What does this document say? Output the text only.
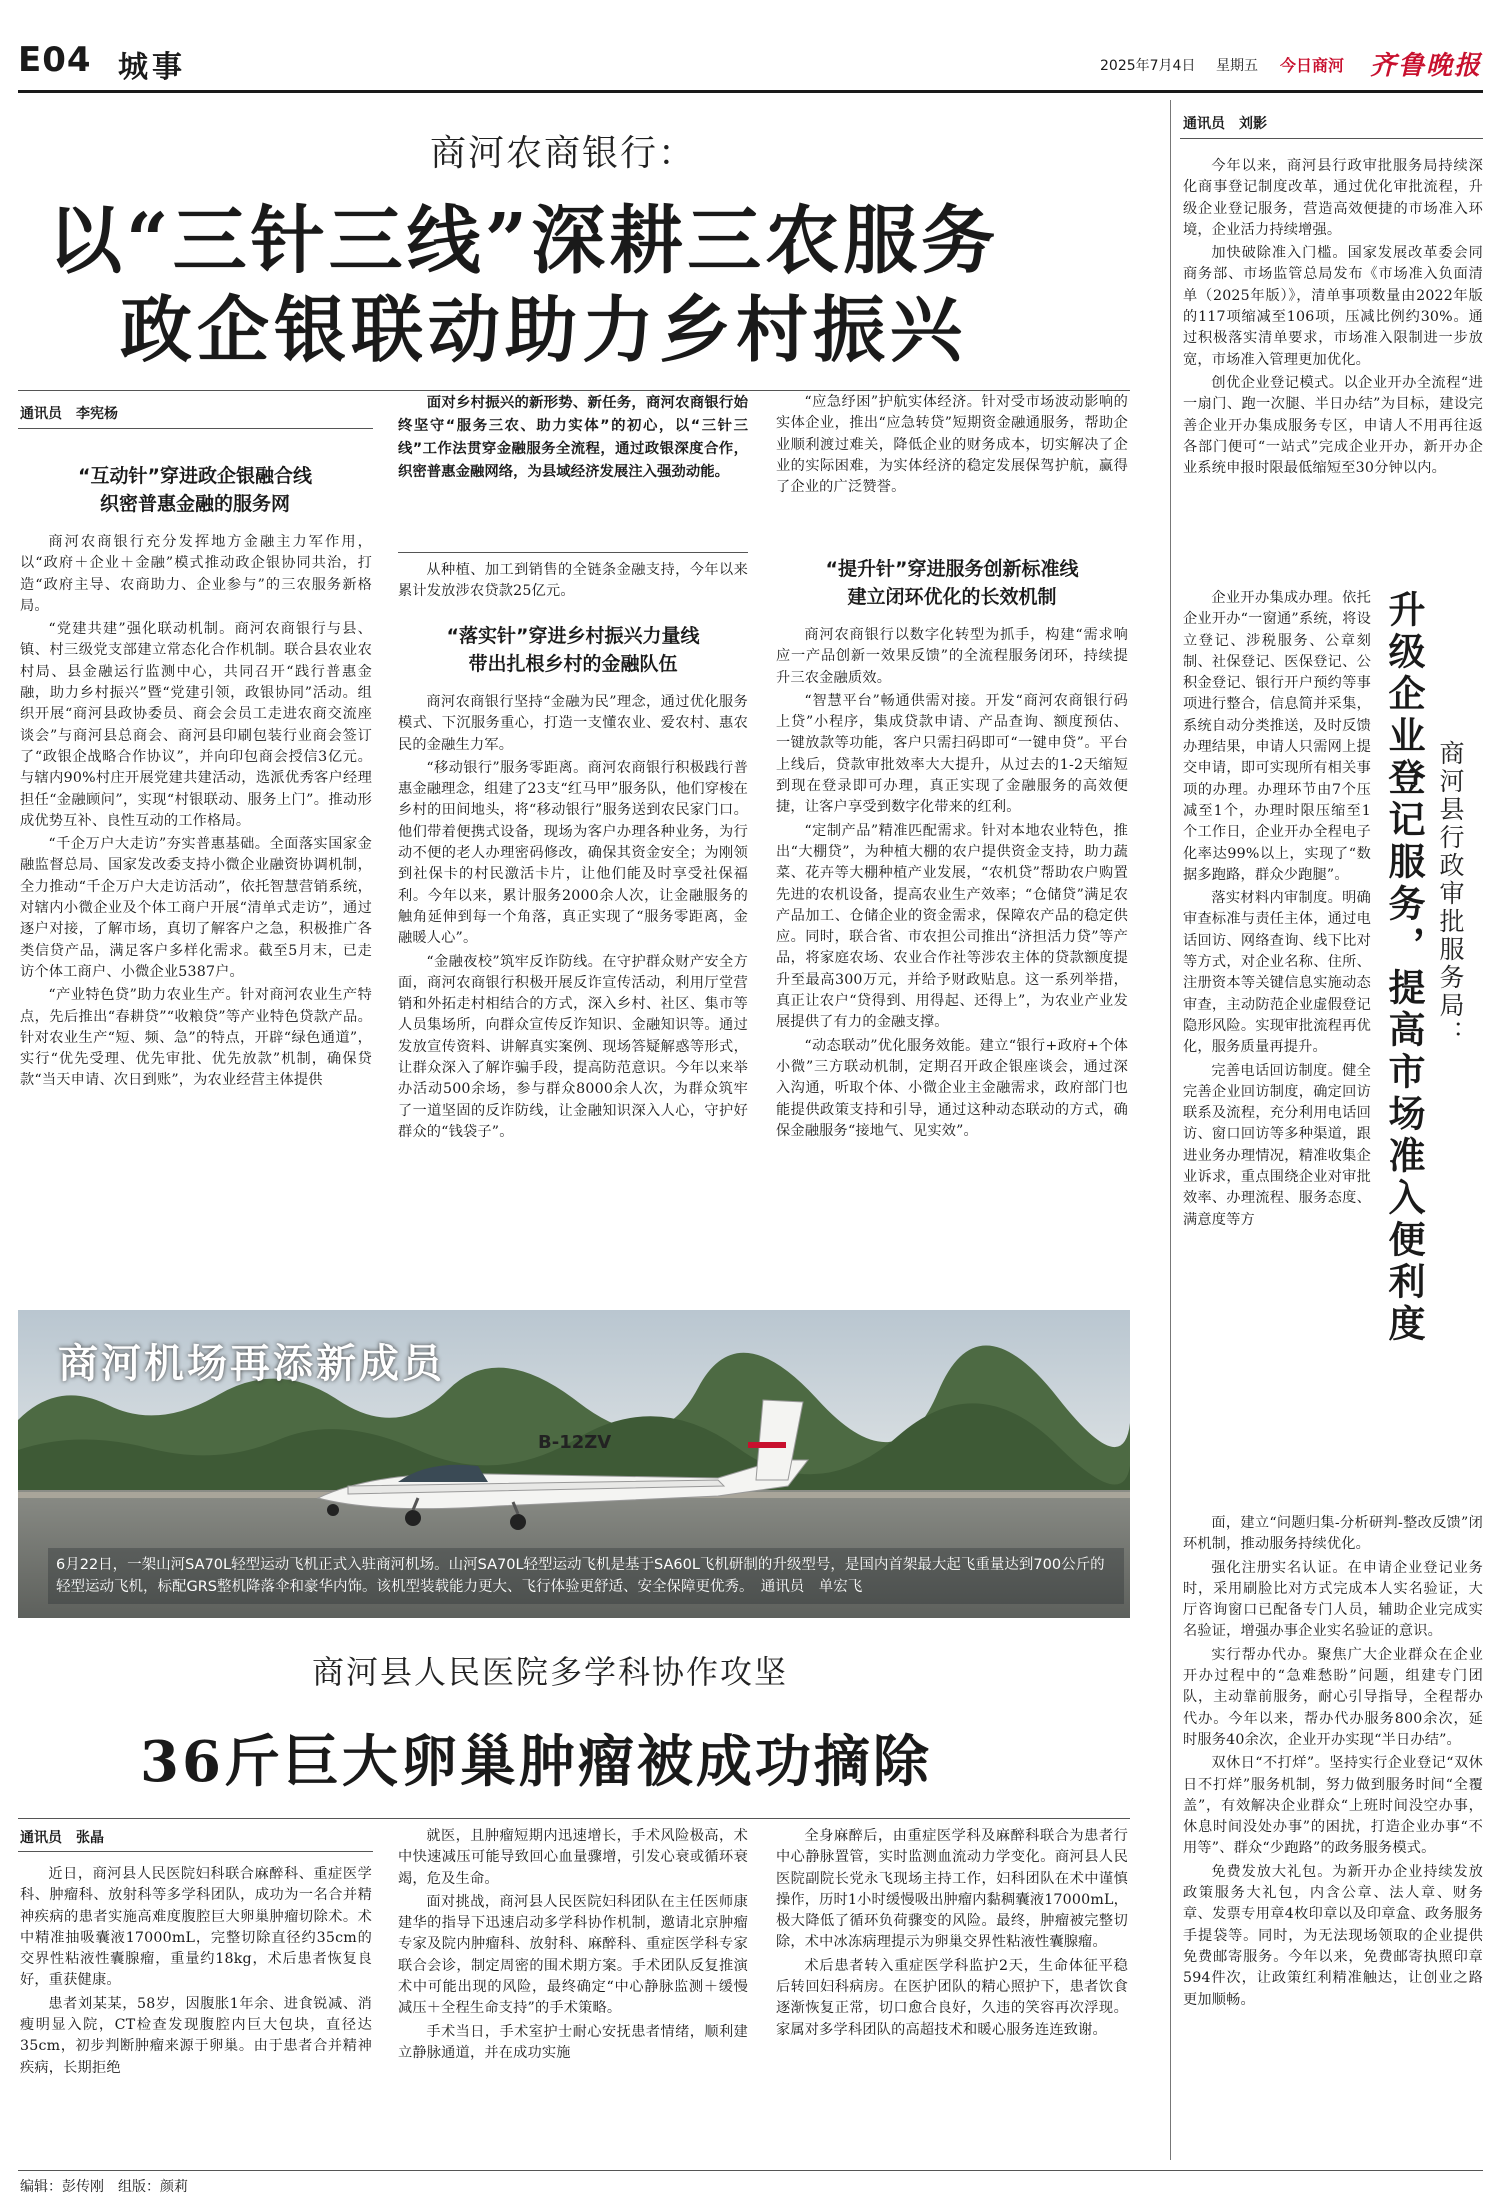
E04 城事	2025年7月4日 星期五 今日商河 齐鲁晚报
商河农商银行：
以“三针三线”深耕三农服务
政企银联动助力乡村振兴
通讯员　李宪杨
“互动针”穿进政企银融合线
织密普惠金融的服务网

商河农商银行充分发挥地方金融主力军作用，以“政府＋企业＋金融”模式推动政企银协同共治，打造“政府主导、农商助力、企业参与”的三农服务新格局。

“党建共建”强化联动机制。商河农商银行与县、镇、村三级党支部建立常态化合作机制。联合县农业农村局、县金融运行监测中心，共同召开“践行普惠金融，助力乡村振兴”暨“党建引领，政银协同”活动。组织开展“商河县政协委员、商会会员工走进农商交流座谈会”与商河县总商会、商河县印刷包装行业商会签订了“政银企战略合作协议”，并向印包商会授信3亿元。与辖内90%村庄开展党建共建活动，选派优秀客户经理担任“金融顾问”，实现“村银联动、服务上门”。推动形成优势互补、良性互动的工作格局。

“千企万户大走访”夯实普惠基础。全面落实国家金融监督总局、国家发改委支持小微企业融资协调机制，全力推动“千企万户大走访活动”，依托智慧营销系统，对辖内小微企业及个体工商户开展“清单式走访”，通过逐户对接，了解市场，真切了解客户之急，积极推广各类信贷产品，满足客户多样化需求。截至5月末，已走访个体工商户、小微企业5387户。

“产业特色贷”助力农业生产。针对商河农业生产特点，先后推出“春耕贷”“收粮贷”等产业特色贷款产品。针对农业生产“短、频、急”的特点，开辟“绿色通道”，实行“优先受理、优先审批、优先放款”机制，确保贷款“当天申请、次日到账”，为农业经营主体提供

面对乡村振兴的新形势、新任务，商河农商银行始终坚守“服务三农、助力实体”的初心，以“三针三线”工作法贯穿金融服务全流程，通过政银深度合作，织密普惠金融网络，为县域经济发展注入强劲动能。

从种植、加工到销售的全链条金融支持，今年以来累计发放涉农贷款25亿元。

“落实针”穿进乡村振兴力量线
带出扎根乡村的金融队伍

商河农商银行坚持“金融为民”理念，通过优化服务模式、下沉服务重心，打造一支懂农业、爱农村、惠农民的金融生力军。

“移动银行”服务零距离。商河农商银行积极践行普惠金融理念，组建了23支“红马甲”服务队，他们穿梭在乡村的田间地头，将“移动银行”服务送到农民家门口。他们带着便携式设备，现场为客户办理各种业务，为行动不便的老人办理密码修改，确保其资金安全；为刚领到社保卡的村民激活卡片，让他们能及时享受社保福利。今年以来，累计服务2000余人次，让金融服务的触角延伸到每一个角落，真正实现了“服务零距离，金融暖人心”。

“金融夜校”筑牢反诈防线。在守护群众财产安全方面，商河农商银行积极开展反诈宣传活动，利用厅堂营销和外拓走村相结合的方式，深入乡村、社区、集市等人员集场所，向群众宣传反诈知识、金融知识等。通过发放宣传资料、讲解真实案例、现场答疑解惑等形式，让群众深入了解诈骗手段，提高防范意识。今年以来举办活动500余场，参与群众8000余人次，为群众筑牢了一道坚固的反诈防线，让金融知识深入人心，守护好群众的“钱袋子”。

“应急纾困”护航实体经济。针对受市场波动影响的实体企业，推出“应急转贷”短期资金融通服务，帮助企业顺利渡过难关，降低企业的财务成本，切实解决了企业的实际困难，为实体经济的稳定发展保驾护航，赢得了企业的广泛赞誉。

“提升针”穿进服务创新标准线
建立闭环优化的长效机制

商河农商银行以数字化转型为抓手，构建“需求响应一产品创新一效果反馈”的全流程服务闭环，持续提升三农金融质效。

“智慧平台”畅通供需对接。开发“商河农商银行码上贷”小程序，集成贷款申请、产品查询、额度预估、一键放款等功能，客户只需扫码即可“一键申贷”。平台上线后，贷款审批效率大大提升，从过去的1-2天缩短到现在登录即可办理，真正实现了金融服务的高效便捷，让客户享受到数字化带来的红利。

“定制产品”精准匹配需求。针对本地农业特色，推出“大棚贷”，为种植大棚的农户提供资金支持，助力蔬菜、花卉等大棚种植产业发展，“农机贷”帮助农户购置先进的农机设备，提高农业生产效率；“仓储贷”满足农产品加工、仓储企业的资金需求，保障农产品的稳定供应。同时，联合省、市农担公司推出“济担活力贷”等产品，将家庭农场、农业合作社等涉农主体的贷款额度提升至最高300万元，并给予财政贴息。这一系列举措，真正让农户“贷得到、用得起、还得上”，为农业产业发展提供了有力的金融支撑。

“动态联动”优化服务效能。建立“银行+政府+个体小微”三方联动机制，定期召开政企银座谈会，通过深入沟通，听取个体、小微企业主金融需求，政府部门也能提供政策支持和引导，通过这种动态联动的方式，确保金融服务“接地气、见实效”。

B-12ZV
商河机场再添新成员

6月22日，一架山河SA70L轻型运动飞机正式入驻商河机场。山河SA70L轻型运动飞机是基于SA60L飞机研制的升级型号，是国内首架最大起飞重量达到700公斤的轻型运动飞机，标配GRS整机降落伞和豪华内饰。该机型装载能力更大、飞行体验更舒适、安全保障更优秀。　 通讯员　单宏飞

商河县人民医院多学科协作攻坚
36斤巨大卵巢肿瘤被成功摘除
通讯员　张晶

近日，商河县人民医院妇科联合麻醉科、重症医学科、肿瘤科、放射科等多学科团队，成功为一名合并精神疾病的患者实施高难度腹腔巨大卵巢肿瘤切除术。术中精准抽吸囊液17000mL，完整切除直径约35cm的交界性粘液性囊腺瘤，重量约18kg，术后患者恢复良好，重获健康。

患者刘某某，58岁，因腹胀1年余、进食锐减、消瘦明显入院，CT检查发现腹腔内巨大包块，直径达35cm，初步判断肿瘤来源于卵巢。由于患者合并精神疾病，长期拒绝

就医，且肿瘤短期内迅速增长，手术风险极高，术中快速减压可能导致回心血量骤增，引发心衰或循环衰竭，危及生命。

面对挑战，商河县人民医院妇科团队在主任医师康建华的指导下迅速启动多学科协作机制，邀请北京肿瘤专家及院内肿瘤科、放射科、麻醉科、重症医学科专家联合会诊，制定周密的围术期方案。手术团队反复推演术中可能出现的风险，最终确定“中心静脉监测＋缓慢减压＋全程生命支持”的手术策略。

手术当日，手术室护士耐心安抚患者情绪，顺利建立静脉通道，并在成功实施

全身麻醉后，由重症医学科及麻醉科联合为患者行中心静脉置管，实时监测血流动力学变化。商河县人民医院副院长党永飞现场主持工作，妇科团队在术中谨慎操作，历时1小时缓慢吸出肿瘤内黏稠囊液17000mL，极大降低了循环负荷骤变的风险。最终，肿瘤被完整切除，术中冰冻病理提示为卵巢交界性粘液性囊腺瘤。

术后患者转入重症医学科监护2天，生命体征平稳后转回妇科病房。在医护团队的精心照护下，患者饮食逐渐恢复正常，切口愈合良好，久违的笑容再次浮现。家属对多学科团队的高超技术和暖心服务连连致谢。

通讯员　刘影

今年以来，商河县行政审批服务局持续深化商事登记制度改革，通过优化审批流程，升级企业登记服务，营造高效便捷的市场准入环境，企业活力持续增强。

加快破除准入门槛。国家发展改革委会同商务部、市场监管总局发布《市场准入负面清单（2025年版）》，清单事项数量由2022年版的117项缩减至106项，压减比例约30%。通过积极落实清单要求，市场准入限制进一步放宽，市场准入管理更加优化。

创优企业登记模式。以企业开办全流程“进一扇门、跑一次腿、半日办结”为目标，建设完善企业开办集成服务专区，申请人不用再往返各部门便可“一站式”完成企业开办，新开办企业系统申报时限最低缩短至30分钟以内。

企业开办集成办理。依托企业开办“一窗通”系统，将设立登记、涉税服务、公章刻制、社保登记、医保登记、公积金登记、银行开户预约等事项进行整合，信息简并采集，系统自动分类推送，及时反馈办理结果，申请人只需网上提交申请，即可实现所有相关事项的办理。办理环节由7个压减至1个，办理时限压缩至1个工作日，企业开办全程电子化率达99%以上，实现了“数据多跑路，群众少跑腿”。

落实材料内审制度。明确审查标准与责任主体，通过电话回访、网络查询、线下比对等方式，对企业名称、住所、注册资本等关键信息实施动态审查，主动防范企业虚假登记隐形风险。实现审批流程再优化，服务质量再提升。

完善电话回访制度。健全完善企业回访制度，确定回访联系及流程，充分利用电话回访、窗口回访等多种渠道，跟进业务办理情况，精准收集企业诉求，重点围绕企业对审批效率、办理流程、服务态度、满意度等方	升级企业登记服务，提高市场准入便利度 商河县行政审批服务局：

面，建立“问题归集-分析研判-整改反馈”闭环机制，推动服务持续优化。

强化注册实名认证。在申请企业登记业务时，采用刷脸比对方式完成本人实名验证，大厅咨询窗口已配备专门人员，辅助企业完成实名验证，增强办事企业实名验证的意识。

实行帮办代办。聚焦广大企业群众在企业开办过程中的“急难愁盼”问题，组建专门团队，主动靠前服务，耐心引导指导，全程帮办代办。今年以来，帮办代办服务800余次，延时服务40余次，企业开办实现“半日办结”。

双休日“不打烊”。坚持实行企业登记“双休日不打烊”服务机制，努力做到服务时间“全覆盖”，有效解决企业群众“上班时间没空办事，休息时间没处办事”的困扰，打造企业办事“不用等”、群众“少跑路”的政务服务模式。

免费发放大礼包。为新开办企业持续发放政策服务大礼包，内含公章、法人章、财务章、发票专用章4枚印章以及印章盒、政务服务手提袋等。同时，为无法现场领取的企业提供免费邮寄服务。今年以来，免费邮寄执照印章594件次，让政策红利精准触达，让创业之路更加顺畅。

编辑：彭传刚　组版：颜莉
